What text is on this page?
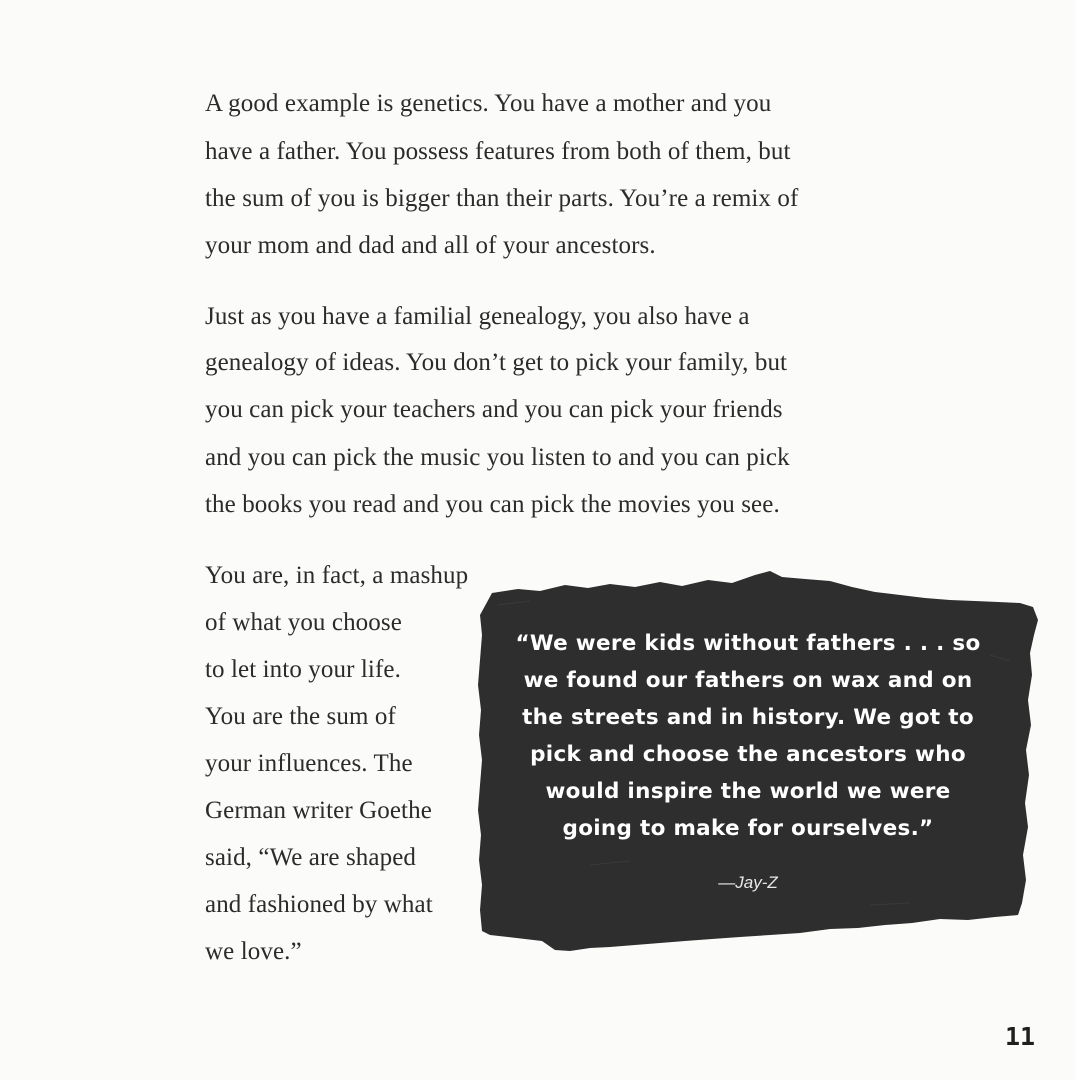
A good example is genetics. You have a mother and you
have a father. You possess features from both of them, but
the sum of you is bigger than their parts. You’re a remix of
your mom and dad and all of your ancestors.
Just as you have a familial genealogy, you also have a
genealogy of ideas. You don’t get to pick your family, but
you can pick your teachers and you can pick your friends
and you can pick the music you listen to and you can pick
the books you read and you can pick the movies you see.
You are, in fact, a mashup
of what you choose
to let into your life.
You are the sum of
your influences. The
German writer Goethe
said, “We are shaped
and fashioned by what
we love.”
“We were kids without fathers . . . so
we found our fathers on wax and on
the streets and in history. We got to
pick and choose the ancestors who
would inspire the world we were
going to make for ourselves.”
—Jay-Z
11
